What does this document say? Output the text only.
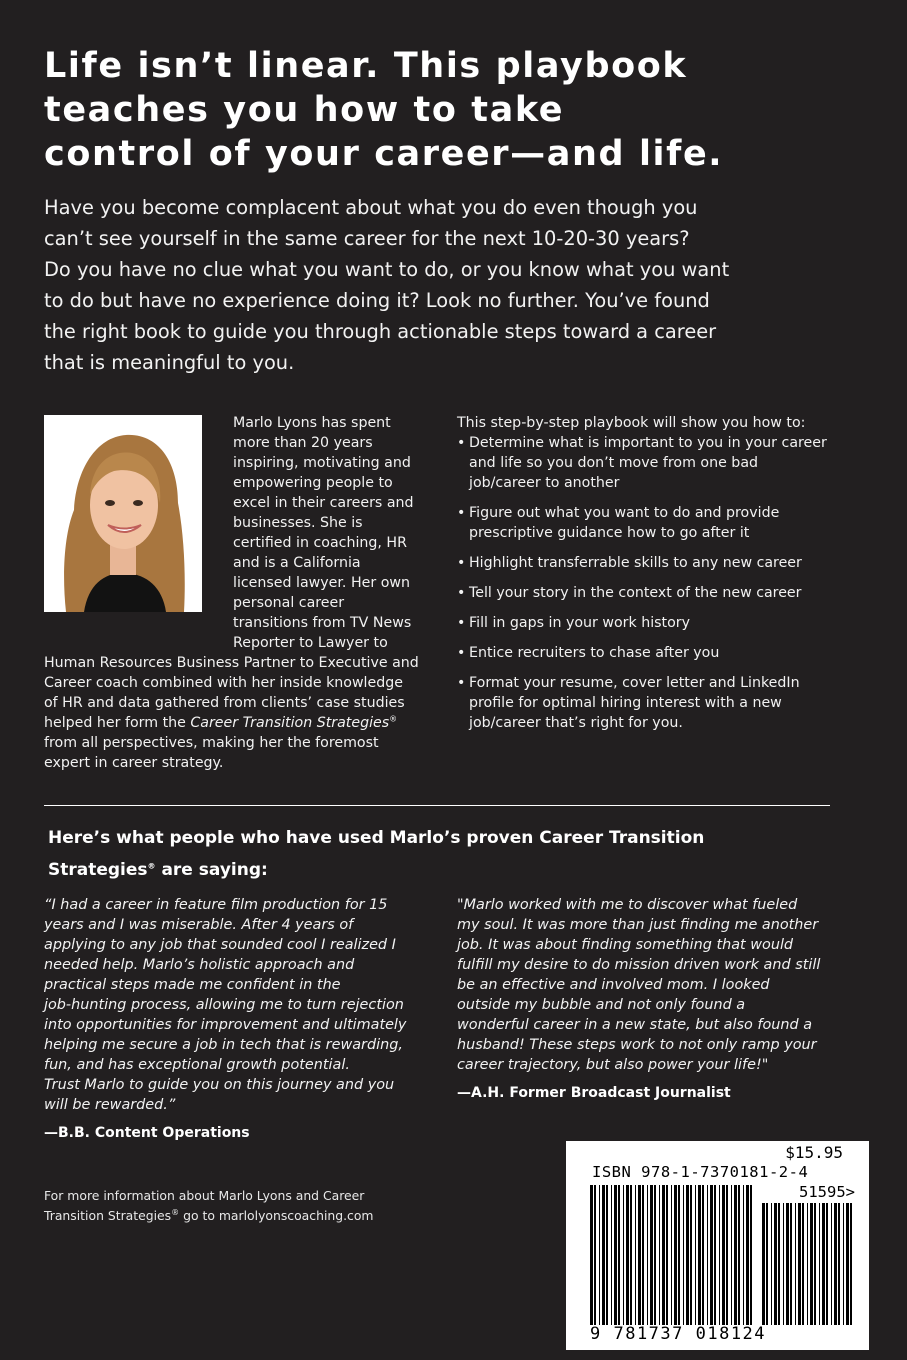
Life isn’t linear. This playbook
teaches you how to take
control of your career—and life.

Have you become complacent about what you do even though you
can’t see yourself in the same career for the next 10-20-30 years?
Do you have no clue what you want to do, or you know what you want
to do but have no experience doing it? Look no further. You’ve found
the right book to guide you through actionable steps toward a career
that is meaningful to you.

Marlo Lyons has spent more than 20 years inspiring, motivating and empowering people to excel in their careers and businesses. She is certified in coaching, HR and is a California licensed lawyer. Her own personal career transitions from TV News Reporter to Lawyer to Human Resources Business Partner to Executive and Career coach combined with her inside knowledge of HR and data gathered from clients’ case studies helped her form the Career Transition Strategies® from all perspectives, making her the foremost expert in career strategy.

This step-by-step playbook will show you how to:

• Determine what is important to you in your career
and life so you don’t move from one bad
job/career to another
• Figure out what you want to do and provide
prescriptive guidance how to go after it
• Highlight transferrable skills to any new career
• Tell your story in the context of the new career
• Fill in gaps in your work history
• Entice recruiters to chase after you
• Format your resume, cover letter and LinkedIn
profile for optimal hiring interest with a new
job/career that’s right for you.
Here’s what people who have used Marlo’s proven Career Transition
Strategies® are saying:

“I had a career in feature film production for 15
years and I was miserable. After 4 years of
applying to any job that sounded cool I realized I
needed help. Marlo’s holistic approach and
practical steps made me confident in the
job-hunting process, allowing me to turn rejection
into opportunities for improvement and ultimately
helping me secure a job in tech that is rewarding,
fun, and has exceptional growth potential.
Trust Marlo to guide you on this journey and you
will be rewarded.”

—B.B. Content Operations

"Marlo worked with me to discover what fueled
my soul. It was more than just finding me another
job. It was about finding something that would
fulfill my desire to do mission driven work and still
be an effective and involved mom. I looked
outside my bubble and not only found a
wonderful career in a new state, but also found a
husband! These steps work to not only ramp your
career trajectory, but also power your life!"

—A.H. Former Broadcast Journalist

For more information about Marlo Lyons and Career
Transition Strategies® go to marlolyonscoaching.com

$15.95
ISBN 978-1-7370181-2-4
51595>
9 781737 018124
